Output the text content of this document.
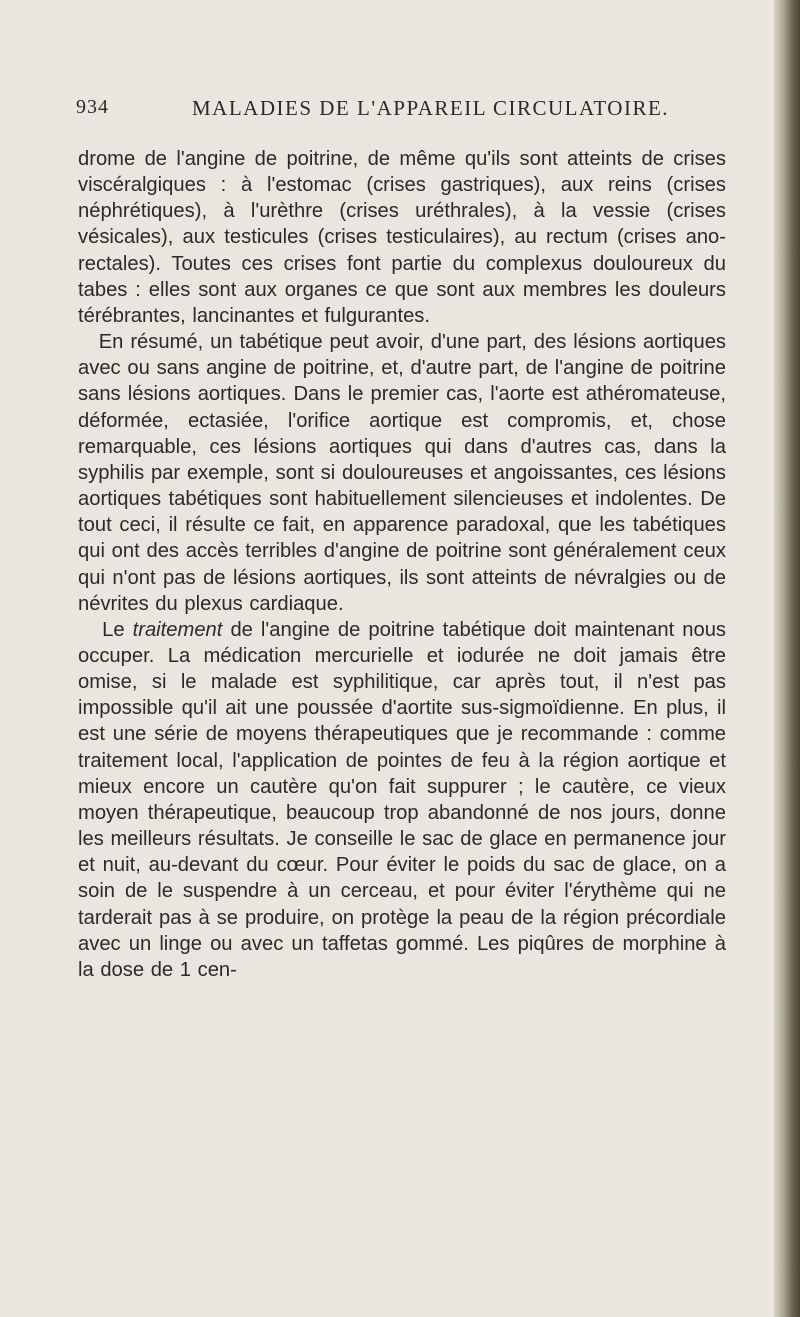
934	MALADIES DE L'APPAREIL CIRCULATOIRE.

drome de l'angine de poitrine, de même qu'ils sont atteints de crises viscéralgiques : à l'estomac (crises gastriques), aux reins (crises néphrétiques), à l'urèthre (crises uréthrales), à la vessie (crises vésicales), aux testicules (crises testiculaires), au rectum (crises ano-rectales). Toutes ces crises font partie du complexus douloureux du tabes : elles sont aux organes ce que sont aux membres les douleurs térébrantes, lancinantes et fulgurantes.

En résumé, un tabétique peut avoir, d'une part, des lésions aortiques avec ou sans angine de poitrine, et, d'autre part, de l'angine de poitrine sans lésions aortiques. Dans le premier cas, l'aorte est athéromateuse, déformée, ectasiée, l'orifice aortique est compromis, et, chose remarquable, ces lésions aortiques qui dans d'autres cas, dans la syphilis par exemple, sont si douloureuses et angoissantes, ces lésions aortiques tabétiques sont habituellement silencieuses et indolentes. De tout ceci, il résulte ce fait, en apparence paradoxal, que les tabétiques qui ont des accès terribles d'angine de poitrine sont généralement ceux qui n'ont pas de lésions aortiques, ils sont atteints de névralgies ou de névrites du plexus cardiaque.

Le traitement de l'angine de poitrine tabétique doit maintenant nous occuper. La médication mercurielle et iodurée ne doit jamais être omise, si le malade est syphilitique, car après tout, il n'est pas impossible qu'il ait une poussée d'aortite sus-sigmoïdienne. En plus, il est une série de moyens thérapeutiques que je recommande : comme traitement local, l'application de pointes de feu à la région aortique et mieux encore un cautère qu'on fait suppurer ; le cautère, ce vieux moyen thérapeutique, beaucoup trop abandonné de nos jours, donne les meilleurs résultats. Je conseille le sac de glace en permanence jour et nuit, au-devant du cœur. Pour éviter le poids du sac de glace, on a soin de le suspendre à un cerceau, et pour éviter l'érythème qui ne tarderait pas à se produire, on protège la peau de la région précordiale avec un linge ou avec un taffetas gommé. Les piqûres de morphine à la dose de 1 cen-
